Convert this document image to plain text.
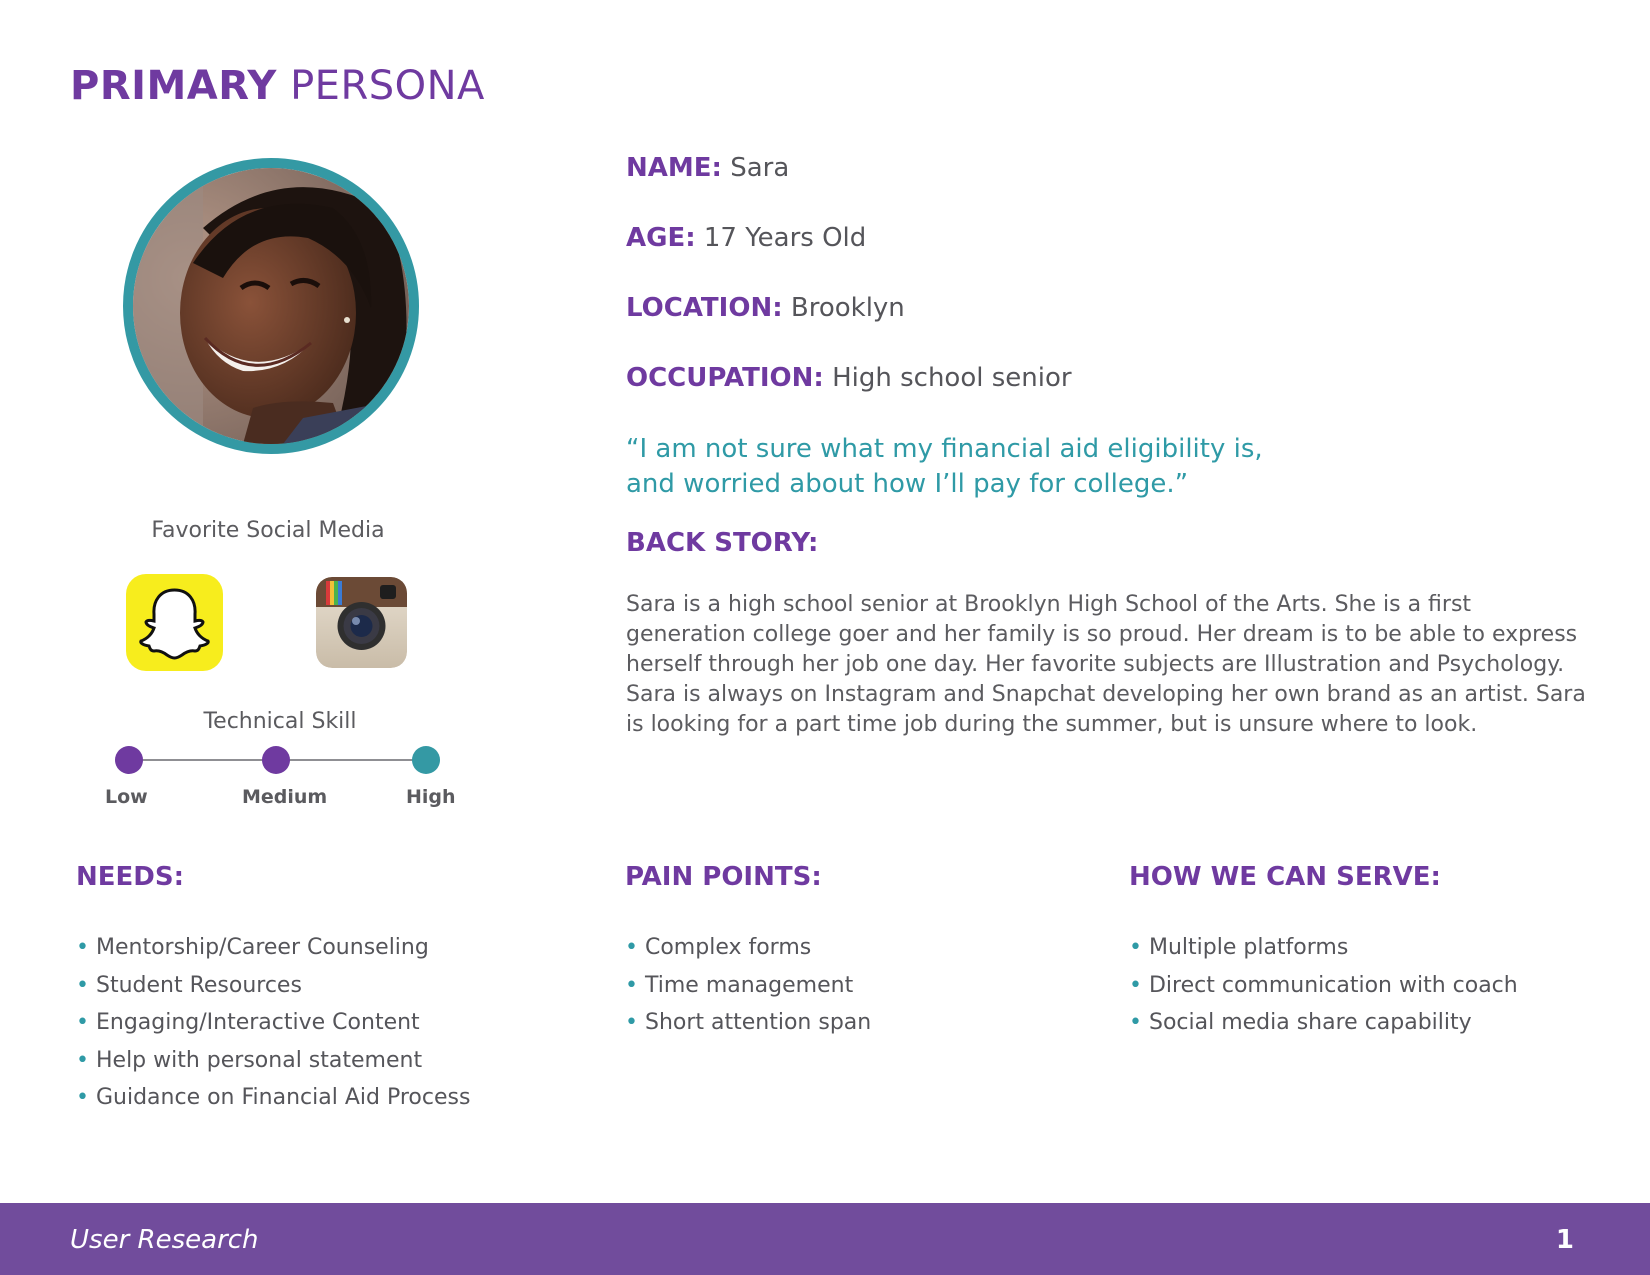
PRIMARY PERSONA
Favorite Social Media
Technical Skill
Low	Medium	High
NAME: Sara
AGE: 17 Years Old
LOCATION: Brooklyn
OCCUPATION: High school senior
“I am not sure what my financial aid eligibility is,
and worried about how I’ll pay for college.”
BACK STORY:
Sara is a high school senior at Brooklyn High School of the Arts. She is a first
generation college goer and her family is so proud. Her dream is to be able to express
herself through her job one day. Her favorite subjects are Illustration and Psychology.
Sara is always on Instagram and Snapchat developing her own brand as an artist. Sara
is looking for a part time job during the summer, but is unsure where to look.
NEEDS:
• Mentorship/Career Counseling
• Student Resources
• Engaging/Interactive Content
• Help with personal statement
• Guidance on Financial Aid Process
PAIN POINTS:
• Complex forms
• Time management
• Short attention span
HOW WE CAN SERVE:
• Multiple platforms
• Direct communication with coach
• Social media share capability
User Research	1
